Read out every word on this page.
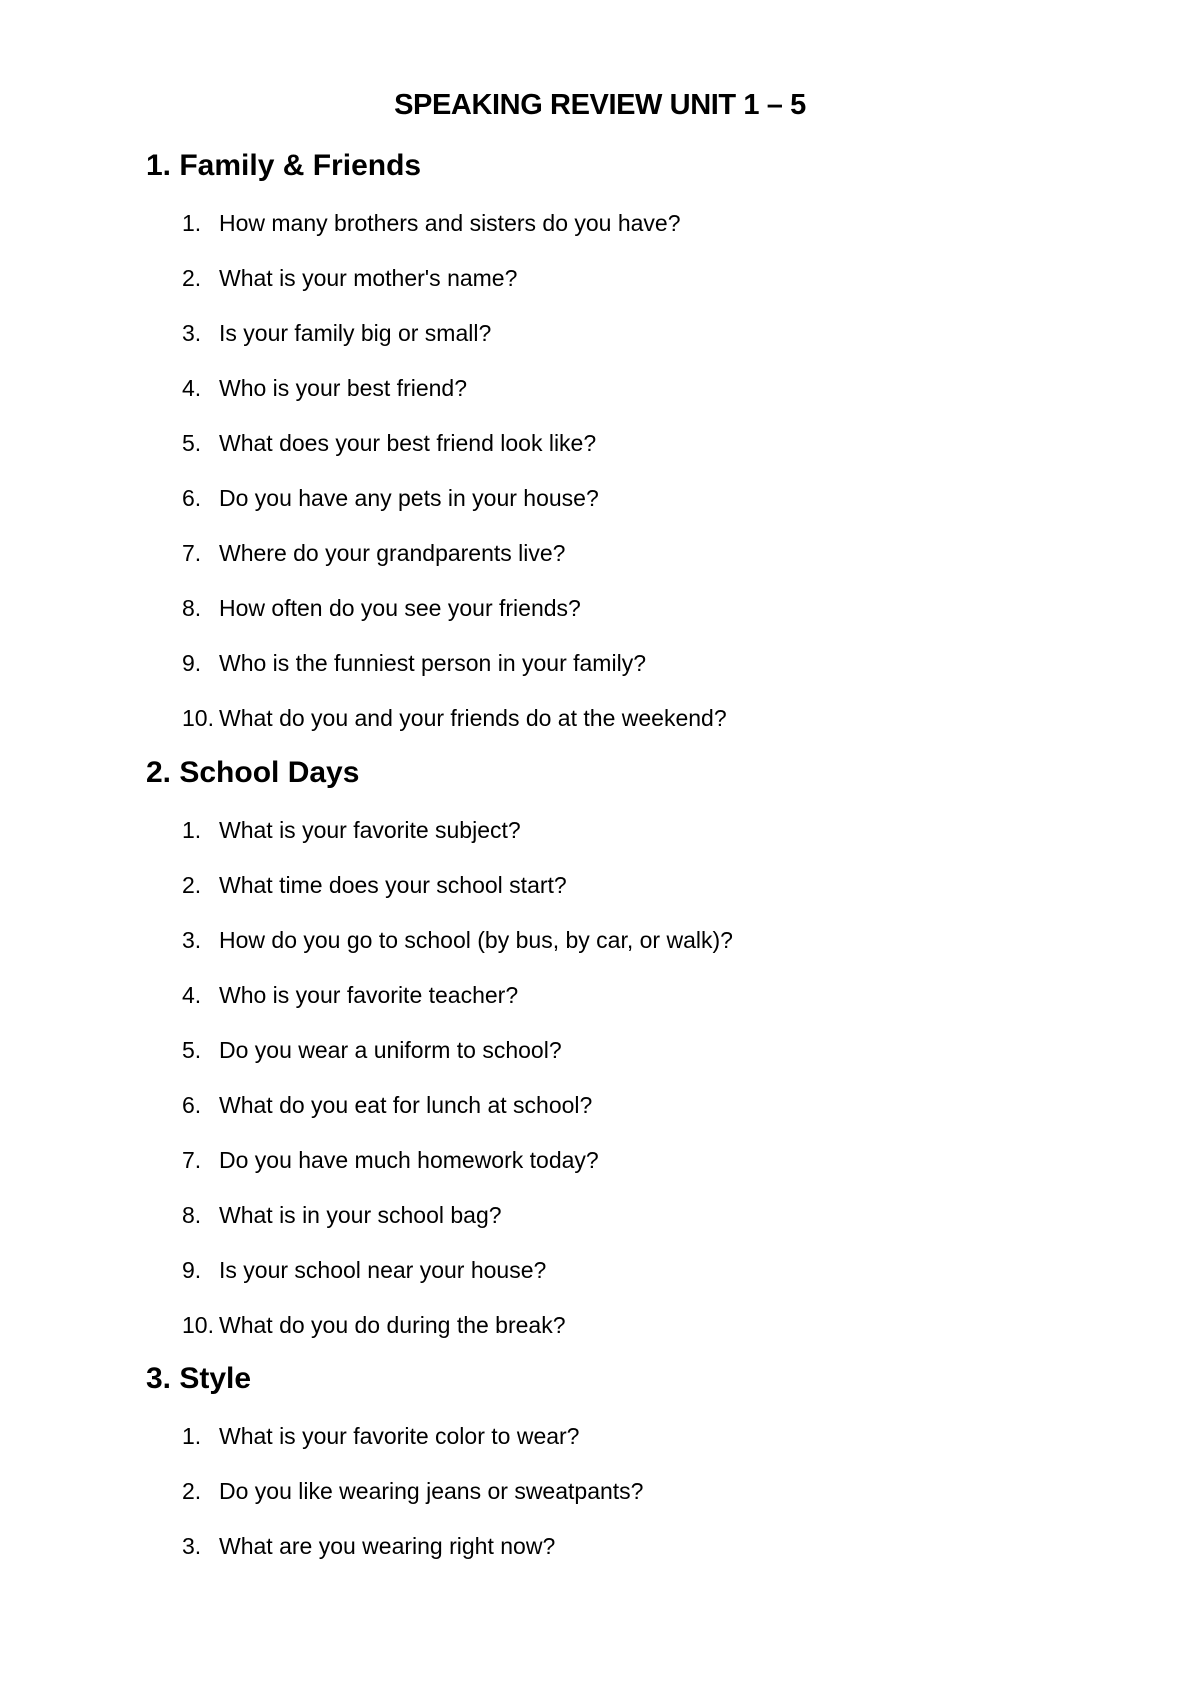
SPEAKING REVIEW UNIT 1 – 5
1. Family & Friends
1. How many brothers and sisters do you have?
2. What is your mother's name?
3. Is your family big or small?
4. Who is your best friend?
5. What does your best friend look like?
6. Do you have any pets in your house?
7. Where do your grandparents live?
8. How often do you see your friends?
9. Who is the funniest person in your family?
10. What do you and your friends do at the weekend?
2. School Days
1. What is your favorite subject?
2. What time does your school start?
3. How do you go to school (by bus, by car, or walk)?
4. Who is your favorite teacher?
5. Do you wear a uniform to school?
6. What do you eat for lunch at school?
7. Do you have much homework today?
8. What is in your school bag?
9. Is your school near your house?
10. What do you do during the break?
3. Style
1. What is your favorite color to wear?
2. Do you like wearing jeans or sweatpants?
3. What are you wearing right now?
